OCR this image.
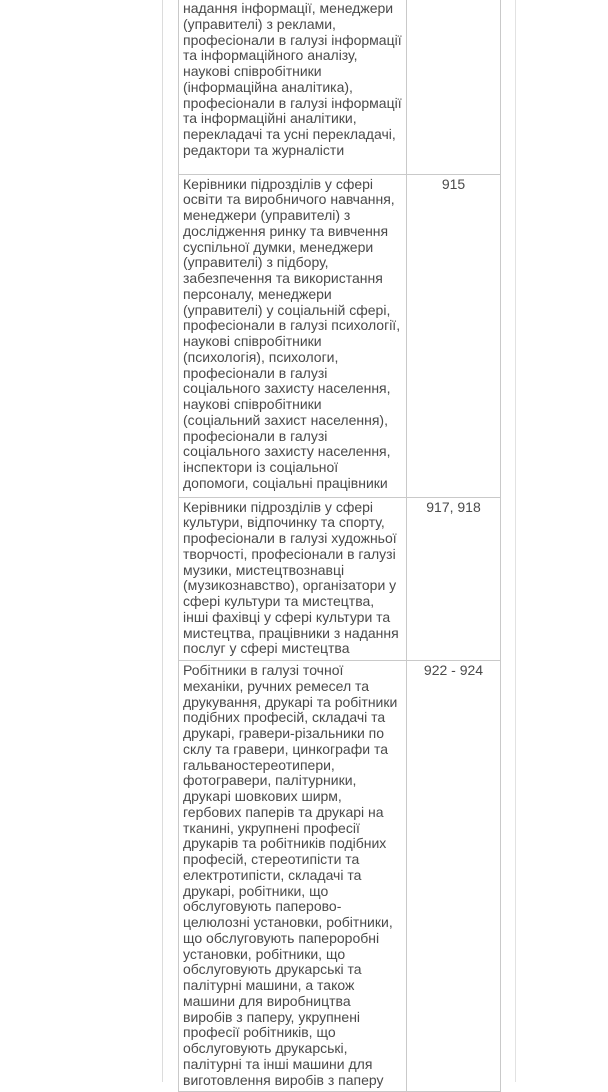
надання інформації, менеджери (управителі) з реклами, професіонали в галузі інформації та інформаційного аналізу, наукові співробітники (інформаційна аналітика), професіонали в галузі інформації та інформаційні аналітики, перекладачі та усні перекладачі, редактори та журналісти	
Керівники підрозділів у сфері освіти та виробничого навчання, менеджери (управителі) з дослідження ринку та вивчення суспільної думки, менеджери (управителі) з підбору, забезпечення та використання персоналу, менеджери (управителі) у соціальній сфері, професіонали в галузі психології, наукові співробітники (психологія), психологи, професіонали в галузі соціального захисту населення, наукові співробітники (соціальний захист населення), професіонали в галузі соціального захисту населення, інспектори із соціальної допомоги, соціальні працівники	915
Керівники підрозділів у сфері культури, відпочинку та спорту, професіонали в галузі художньої творчості, професіонали в галузі музики, мистецтвознавці (музикознавство), організатори у сфері культури та мистецтва, інші фахівці у сфері культури та мистецтва, працівники з надання послуг у сфері мистецтва	917, 918
Робітники в галузі точної механіки, ручних ремесел та друкування, друкарі та робітники подібних професій, складачі та друкарі, гравери-різальники по склу та гравери, цинкографи та гальваностереотипери, фотогравери, палітурники, друкарі шовкових ширм, гербових паперів та друкарі на тканині, укрупнені професії друкарів та робітників подібних професій, стереотипісти та електротипісти, складачі та друкарі, робітники, що обслуговують паперово-целюлозні установки, робітники, що обслуговують папероробні установки, робітники, що обслуговують друкарські та палітурні машини, а також машини для виробництва виробів з паперу, укрупнені професії робітників, що обслуговують друкарські, палітурні та інші машини для виготовлення виробів з паперу	922 - 924
